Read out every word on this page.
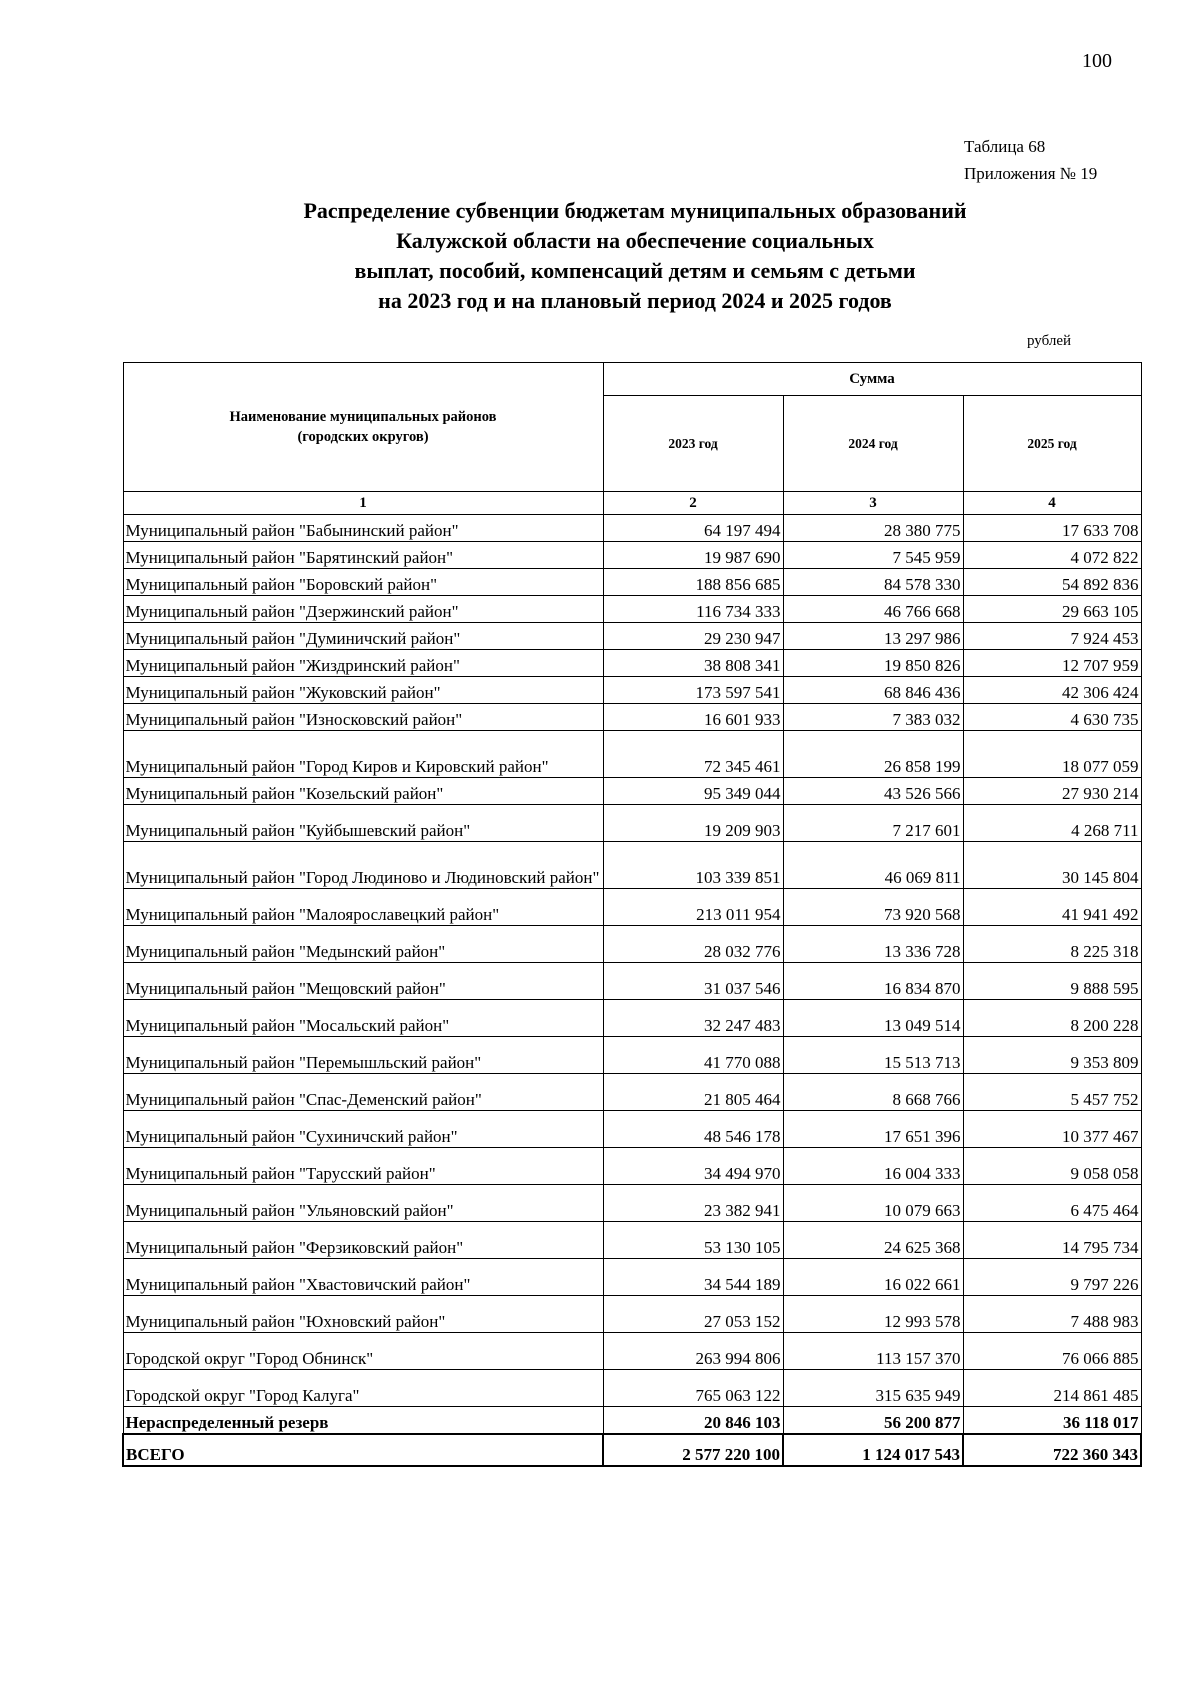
100
Таблица 68
Приложения № 19
Распределение субвенции бюджетам муниципальных образований
Калужской области на обеспечение социальных
выплат, пособий, компенсаций детям и семьям с детьми
на 2023 год и на плановый период 2024 и 2025 годов
рублей
Наименование муниципальных районов
(городских округов)	Сумма		
	2023 год	2024 год	2025 год
1	2	3	4
Муниципальный район "Бабынинский район"	64 197 494	28 380 775	17 633 708
Муниципальный район "Барятинский район"	19 987 690	7 545 959	4 072 822
Муниципальный район "Боровский район"	188 856 685	84 578 330	54 892 836
Муниципальный район "Дзержинский район"	116 734 333	46 766 668	29 663 105
Муниципальный район "Думиничский район"	29 230 947	13 297 986	7 924 453
Муниципальный район "Жиздринский район"	38 808 341	19 850 826	12 707 959
Муниципальный район "Жуковский район"	173 597 541	68 846 436	42 306 424
Муниципальный район "Износковский район"	16 601 933	7 383 032	4 630 735
Муниципальный район "Город Киров и Кировский район"	72 345 461	26 858 199	18 077 059
Муниципальный район "Козельский район"	95 349 044	43 526 566	27 930 214
Муниципальный район "Куйбышевский район"	19 209 903	7 217 601	4 268 711
Муниципальный район "Город Людиново и Людиновский район"	103 339 851	46 069 811	30 145 804
Муниципальный район "Малоярославецкий район"	213 011 954	73 920 568	41 941 492
Муниципальный район "Медынский район"	28 032 776	13 336 728	8 225 318
Муниципальный район "Мещовский район"	31 037 546	16 834 870	9 888 595
Муниципальный район "Мосальский район"	32 247 483	13 049 514	8 200 228
Муниципальный район "Перемышльский район"	41 770 088	15 513 713	9 353 809
Муниципальный район "Спас-Деменский район"	21 805 464	8 668 766	5 457 752
Муниципальный район "Сухиничский район"	48 546 178	17 651 396	10 377 467
Муниципальный район "Тарусский район"	34 494 970	16 004 333	9 058 058
Муниципальный район "Ульяновский район"	23 382 941	10 079 663	6 475 464
Муниципальный район "Ферзиковский район"	53 130 105	24 625 368	14 795 734
Муниципальный район "Хвастовичский район"	34 544 189	16 022 661	9 797 226
Муниципальный район "Юхновский район"	27 053 152	12 993 578	7 488 983
Городской округ "Город Обнинск"	263 994 806	113 157 370	76 066 885
Городской округ "Город Калуга"	765 063 122	315 635 949	214 861 485
Нераспределенный резерв	20 846 103	56 200 877	36 118 017
ВСЕГО	2 577 220 100	1 124 017 543	722 360 343
